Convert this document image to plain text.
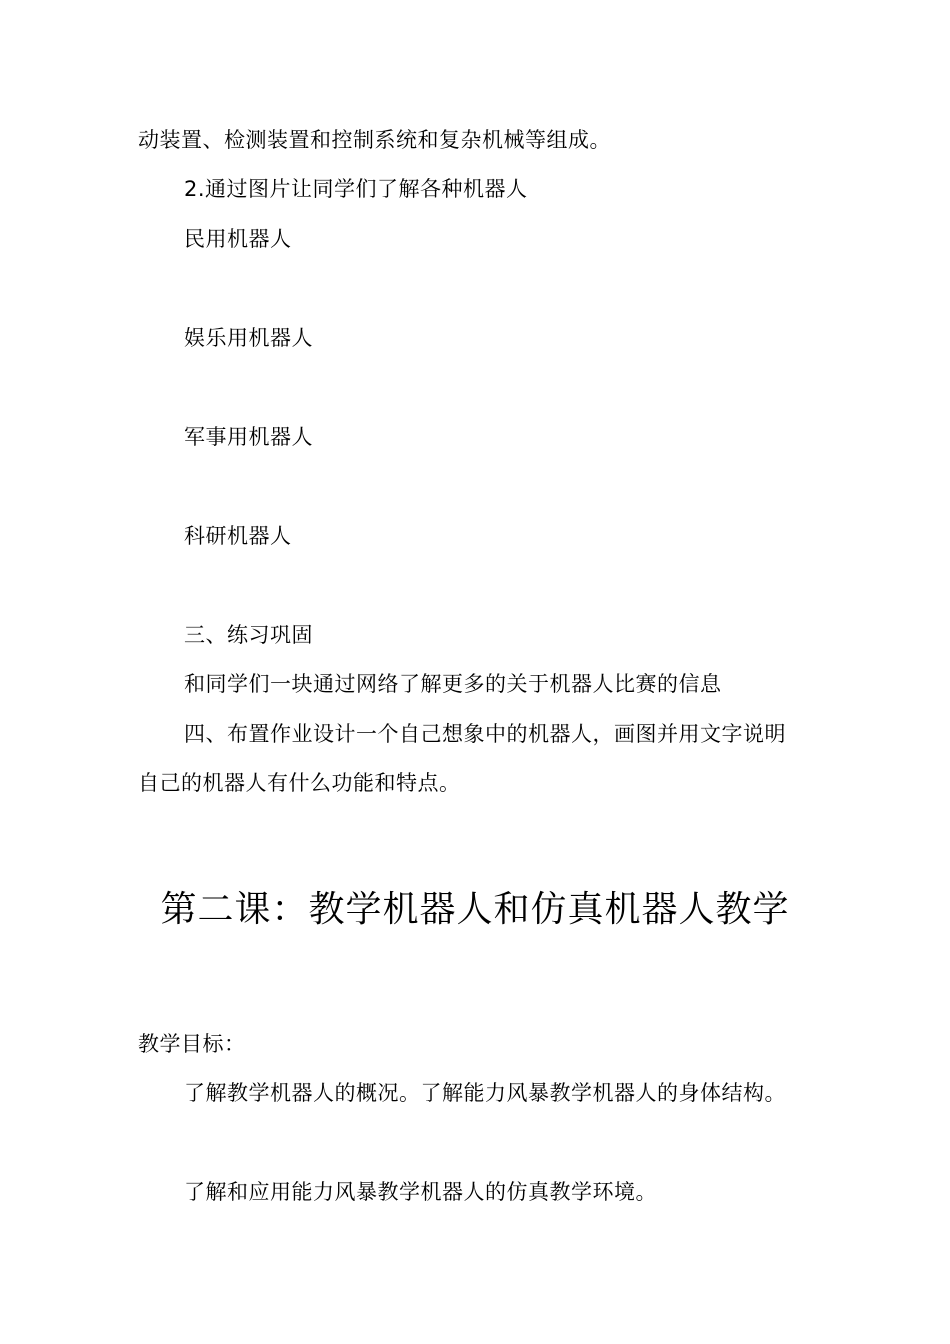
动装置、检测装置和控制系统和复杂机械等组成。
2.通过图片让同学们了解各种机器人
民用机器人
娱乐用机器人
军事用机器人
科研机器人
三、练习巩固
和同学们一块通过网络了解更多的关于机器人比赛的信息
四、布置作业设计一个自己想象中的机器人，画图并用文字说明
自己的机器人有什么功能和特点。
第二课：教学机器人和仿真机器人教学
教学目标：
了解教学机器人的概况。了解能力风暴教学机器人的身体结构。
了解和应用能力风暴教学机器人的仿真教学环境。
